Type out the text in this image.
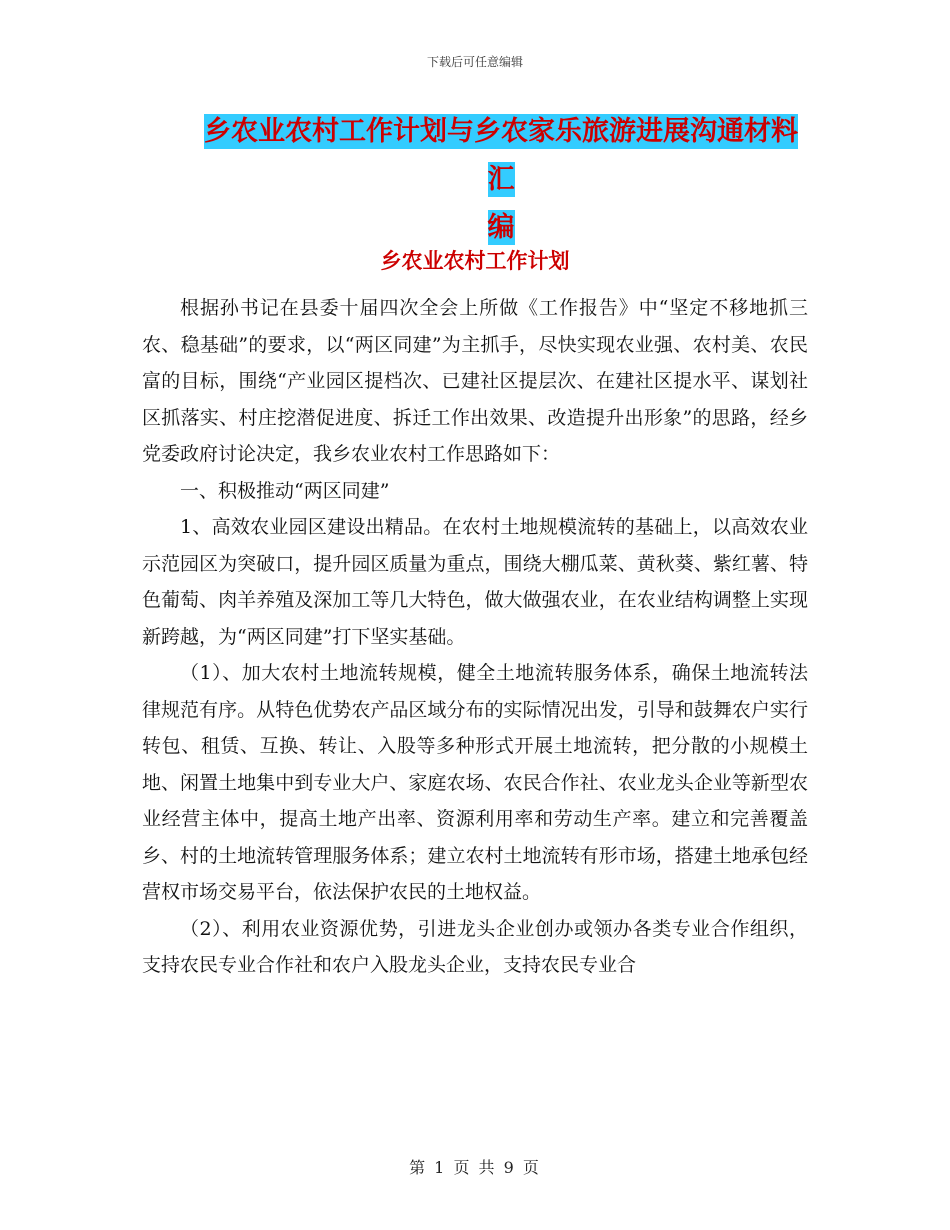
下载后可任意编辑
乡农业农村工作计划与乡农家乐旅游进展沟通材料汇
编
乡农业农村工作计划

根据孙书记在县委十届四次全会上所做《工作报告》中“坚定不移地抓三农、稳基础”的要求，以“两区同建”为主抓手，尽快实现农业强、农村美、农民富的目标，围绕“产业园区提档次、已建社区提层次、在建社区提水平、谋划社区抓落实、村庄挖潜促进度、拆迁工作出效果、改造提升出形象”的思路，经乡党委政府讨论决定，我乡农业农村工作思路如下：

一、积极推动“两区同建”

1、高效农业园区建设出精品。在农村土地规模流转的基础上，以高效农业示范园区为突破口，提升园区质量为重点，围绕大棚瓜菜、黄秋葵、紫红薯、特色葡萄、肉羊养殖及深加工等几大特色，做大做强农业，在农业结构调整上实现新跨越，为“两区同建”打下坚实基础。

（1）、加大农村土地流转规模，健全土地流转服务体系，确保土地流转法律规范有序。从特色优势农产品区域分布的实际情况出发，引导和鼓舞农户实行转包、租赁、互换、转让、入股等多种形式开展土地流转，把分散的小规模土地、闲置土地集中到专业大户、家庭农场、农民合作社、农业龙头企业等新型农业经营主体中，提高土地产出率、资源利用率和劳动生产率。建立和完善覆盖乡、村的土地流转管理服务体系；建立农村土地流转有形市场，搭建土地承包经营权市场交易平台，依法保护农民的土地权益。

（2）、利用农业资源优势，引进龙头企业创办或领办各类专业合作组织，支持农民专业合作社和农户入股龙头企业，支持农民专业合

第 1 页 共 9 页
